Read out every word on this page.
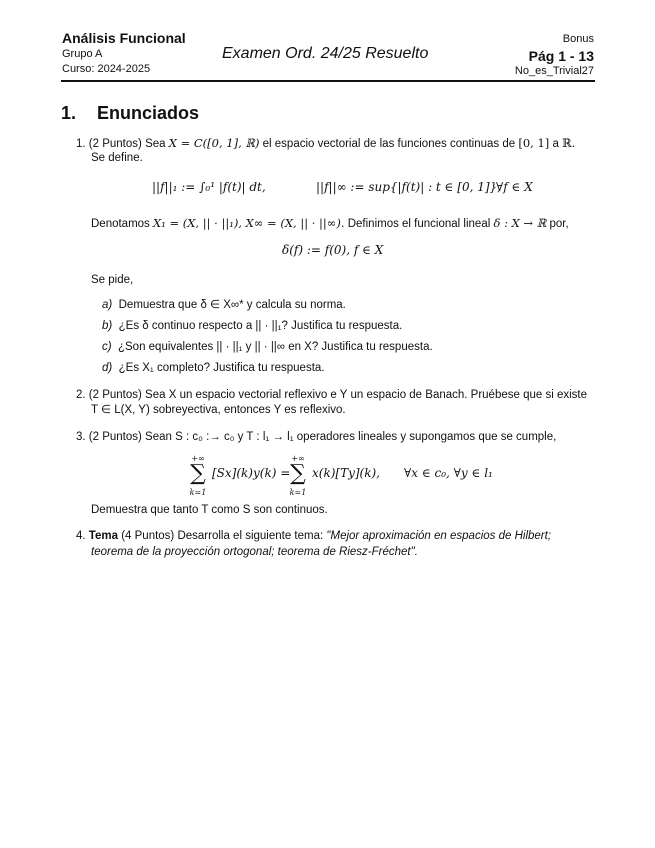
Análisis Funcional
Grupo A
Curso: 2024-2025
Examen Ord. 24/25 Resuelto
Bonus
Pág 1 - 13
No_es_Trivial27
1. Enunciados
1. (2 Puntos) Sea X = C([0, 1], ℝ) el espacio vectorial de las funciones continuas de [0, 1] a ℝ.
Se define.
||f||₁ := ∫₀¹ |f(t)| dt,	||f||∞ := sup{|f(t)| : t ∈ [0, 1]},
∀f ∈ X
Denotamos X₁ = (X, || · ||₁), X∞ = (X, || · ||∞). Definimos el funcional lineal δ : X → ℝ por,
δ(f) := f(0), f ∈ X
Se pide,
a) Demuestra que δ ∈ X∞* y calcula su norma.
b) ¿Es δ continuo respecto a || · ||₁? Justifica tu respuesta.
c) ¿Son equivalentes || · ||₁ y || · ||∞ en X? Justifica tu respuesta.
d) ¿Es X₁ completo? Justifica tu respuesta.
2. (2 Puntos) Sea X un espacio vectorial reflexivo e Y un espacio de Banach. Pruébese que si existe
T ∈ L(X, Y) sobreyectiva, entonces Y es reflexivo.
3. (2 Puntos) Sean S : c₀ :→ c₀ y T : l₁ → l₁ operadores lineales y supongamos que se cumple,
+∞
∑
k=1
[Sx](k)y(k) =
+∞
∑
k=1
x(k)[Ty](k), ∀x ∈ c₀, ∀y ∈ l₁
Demuestra que tanto T como S son continuos.
4. Tema (4 Puntos) Desarrolla el siguiente tema: "Mejor aproximación en espacios de Hilbert;
teorema de la proyección ortogonal; teorema de Riesz-Fréchet".
